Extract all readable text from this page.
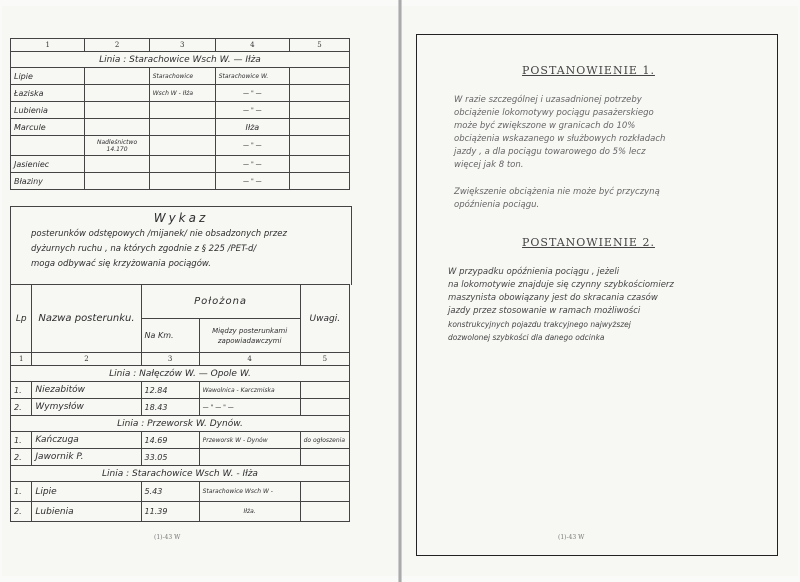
1	2	3	4	5
Linia : Starachowice Wsch W. — Iłża				
Lipie		Starachowice	Starachowice W.	
Łaziska		Wsch W - Iłża	— " —	
Lubienia			— " —	
Marcule			Iłża	
	Nadleśnictwo 14.170		— " —	
Jasieniec			— " —	
Błaziny			— " —	
Wykaz
posterunków odstępowych /mijanek/ nie obsadzonych przez
dyżurnych ruchu , na których zgodnie z § 225 /PET-d/
moga odbywać się krzyżowania pociągów.
Lp	Nazwa posterunku.	Położona		Uwagi.
		Na Km.	Między posterunkami zapowiadawczymi	
1	2	3	4	5
Linia : Nałęczów W. — Opole W.				
1.	Niezabitów	12.84	Wawolnica - Karczmiska	
2.	Wymysłów	18.43	— " — " —	
Linia : Przeworsk W. Dynów.				
1.	Kańczuga	14.69	Przeworsk W - Dynów	do ogłoszenia
2.	Jawornik P.	33.05		
Linia : Starachowice Wsch W. - Iłża				
1.	Lipie	5.43	Starachowice Wsch W -	
2.	Lubienia	11.39	Iłża.	
(1)-43 W
POSTANOWIENIE 1.
W razie szczególnej i uzasadnionej potrzeby
obciążenie lokomotywy pociągu pasażerskiego
może być zwiększone w granicach do 10%
obciążenia wskazanego w służbowych rozkładach
jazdy , a dla pociągu towarowego do 5% lecz
więcej jak 8 ton.
Zwiększenie obciążenia nie może być przyczyną
opóźnienia pociągu.
POSTANOWIENIE 2.
W przypadku opóźnienia pociągu , jeżeli
na lokomotywie znajduje się czynny szybkościomierz
maszynista obowiązany jest do skracania czasów
jazdy przez stosowanie w ramach możliwości
konstrukcyjnych pojazdu trakcyjnego najwyższej
dozwolonej szybkości dla danego odcinka
(1)-43 W
